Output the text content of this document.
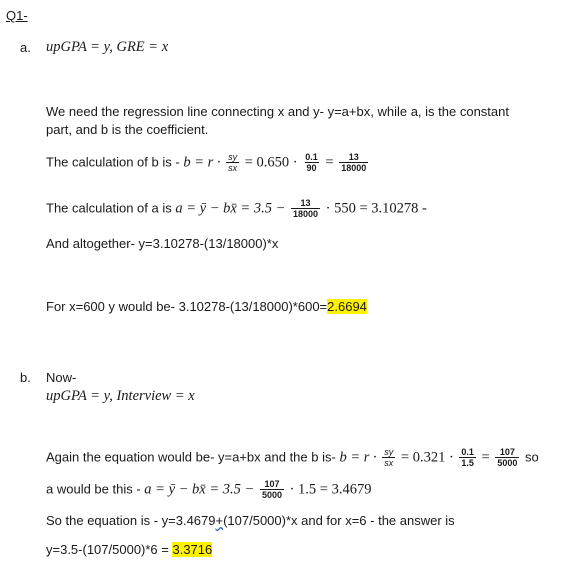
Q1-
a. upGPA = y, GRE = x
We need the regression line connecting x and y- y=a+bx, while a, is the constant
part, and b is the coefficient.
The calculation of b is - $b = r \cdot \frac{sy}{sx} = 0.650 \cdot \frac{0.1}{90} = \frac{13}{18000}$
The calculation of a is a = ȳ − bx̄ = $3.5 - \frac{13}{18000} \cdot 550 = 3.10278$ -
And altogether- y=3.10278-(13/18000)*x
For x=600 y would be- 3.10278-(13/18000)*600=2.6694
b. Now-
upGPA = y, Interview = x
Again the equation would be- y=a+bx and the b is- $b = r \cdot \frac{sy}{sx} = 0.321 \cdot \frac{0.1}{1.5} = \frac{107}{5000}$ so
a would be this - a = ȳ − bx̄ = $3.5 - \frac{107}{5000} \cdot 1.5 = 3.4679$
So the equation is - y=3.4679+(107/5000)*x and for x=6 - the answer is
y=3.5-(107/5000)*6 = 3.3716
